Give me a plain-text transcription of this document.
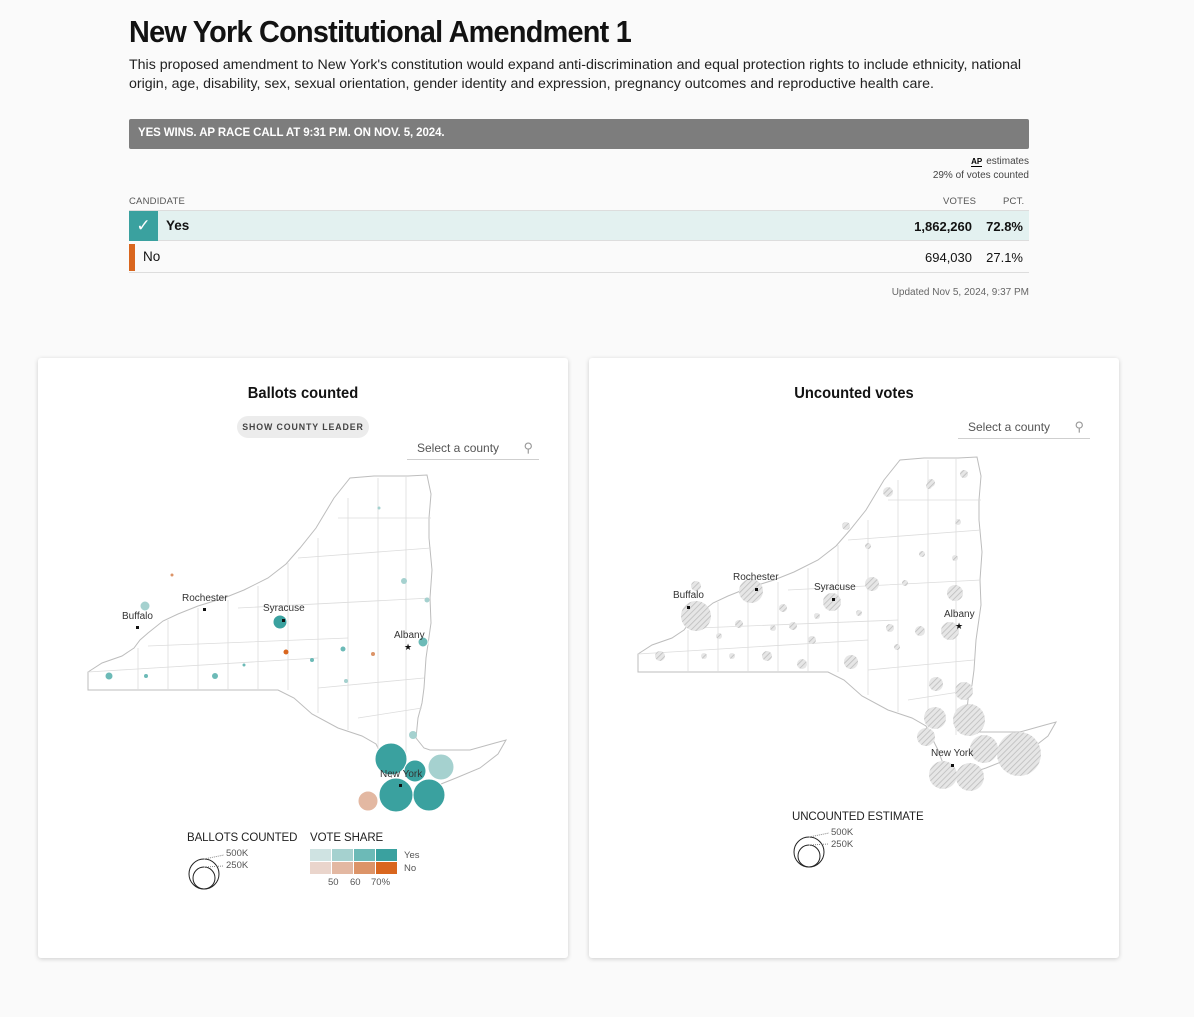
New York Constitutional Amendment 1

This proposed amendment to New York's constitution would expand anti-discrimination and equal protection rights to include ethnicity, national origin, age, disability, sex, sexual orientation, gender identity and expression, pregnancy outcomes and reproductive health care.

YES WINS. AP RACE CALL AT 9:31 P.M. ON NOV. 5, 2024.
AP estimates
29% of votes counted
CANDIDATE	VOTES	PCT.
✓	Yes	1,862,260 72.8%
No	694,030 27.1%
Updated Nov 5, 2024, 9:37 PM
Ballots counted
SHOW COUNTY LEADER
Select a county ⚲
★
Buffalo
Rochester
Syracuse
Albany
New York
BALLOTS COUNTED
500K
250K
VOTE SHARE
Yes
No
50 60 70%
Uncounted votes
Select a county ⚲
★
Buffalo
Rochester
Syracuse
Albany
New York
UNCOUNTED ESTIMATE
500K
250K
